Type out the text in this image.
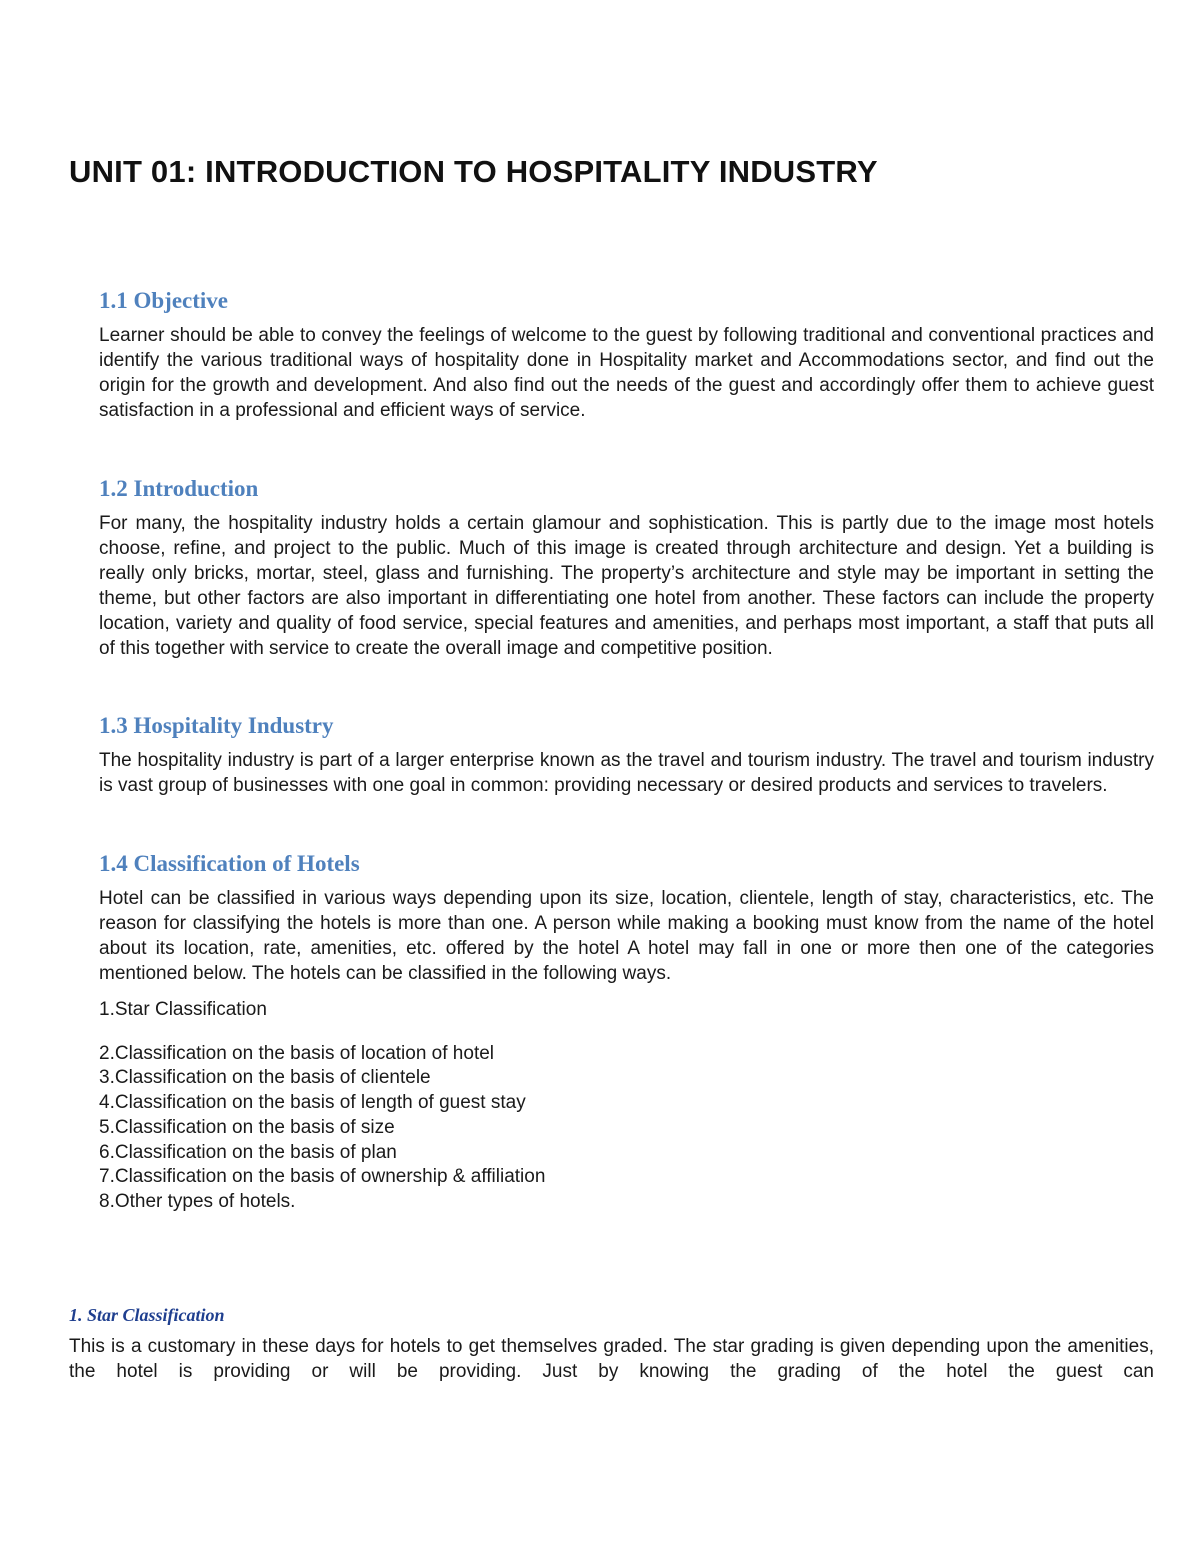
UNIT 01: INTRODUCTION TO HOSPITALITY INDUSTRY
1.1 Objective

Learner should be able to convey the feelings of welcome to the guest by following traditional and conventional practices and identify the various traditional ways of hospitality done in Hospitality market and Accommodations sector, and find out the origin for the growth and development. And also find out the needs of the guest and accordingly offer them to achieve guest satisfaction in a professional and efficient ways of service.

1.2 Introduction

For many, the hospitality industry holds a certain glamour and sophistication. This is partly due to the image most hotels choose, refine, and project to the public. Much of this image is created through architecture and design. Yet a building is really only bricks, mortar, steel, glass and furnishing. The property’s architecture and style may be important in setting the theme, but other factors are also important in differentiating one hotel from another. These factors can include the property location, variety and quality of food service, special features and amenities, and perhaps most important, a staff that puts all of this together with service to create the overall image and competitive position.

1.3 Hospitality Industry

The hospitality industry is part of a larger enterprise known as the travel and tourism industry. The travel and tourism industry is vast group of businesses with one goal in common: providing necessary or desired products and services to travelers.

1.4 Classification of Hotels

Hotel can be classified in various ways depending upon its size, location, clientele, length of stay, characteristics, etc. The reason for classifying the hotels is more than one. A person while making a booking must know from the name of the hotel about its location, rate, amenities, etc. offered by the hotel A hotel may fall in one or more then one of the categories mentioned below. The hotels can be classified in the following ways.

1.Star Classification
2.Classification on the basis of location of hotel
3.Classification on the basis of clientele
4.Classification on the basis of length of guest stay
5.Classification on the basis of size
6.Classification on the basis of plan
7.Classification on the basis of ownership & affiliation
8.Other types of hotels.
1. Star Classification

This is a customary in these days for hotels to get themselves graded. The star grading is given depending upon the amenities, the hotel is providing or will be providing. Just by knowing the grading of the hotel the guest can
